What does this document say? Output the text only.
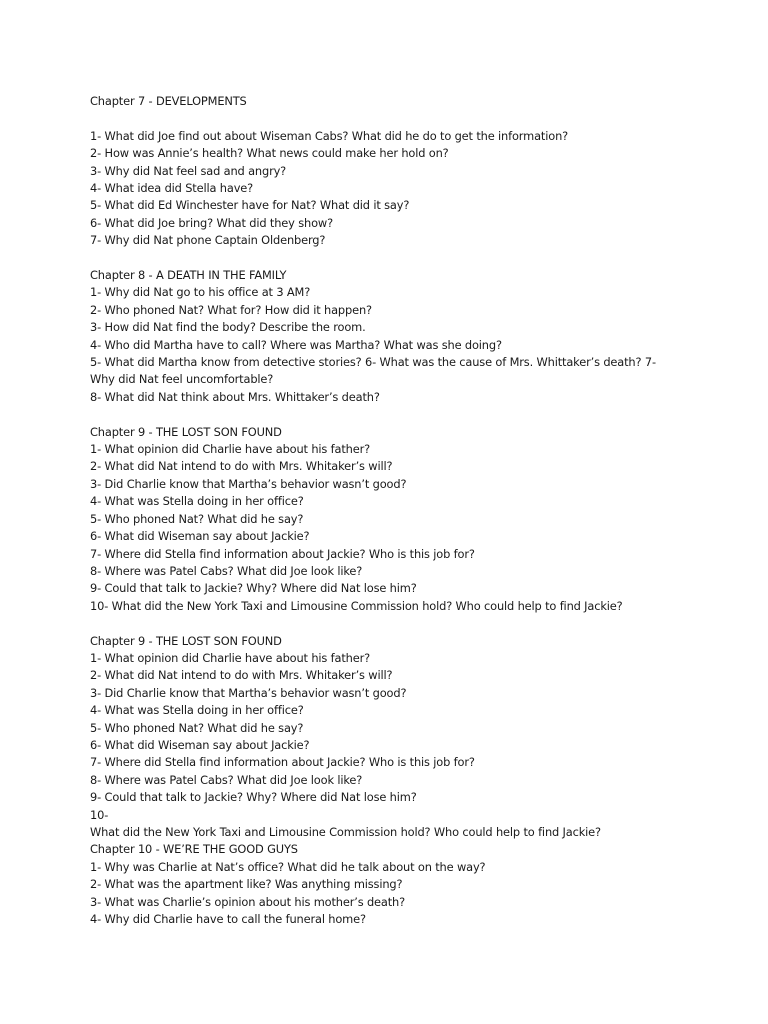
Chapter 7 - DEVELOPMENTS
1- What did Joe find out about Wiseman Cabs? What did he do to get the information?
2- How was Annie’s health? What news could make her hold on?
3- Why did Nat feel sad and angry?
4- What idea did Stella have?
5- What did Ed Winchester have for Nat? What did it say?
6- What did Joe bring? What did they show?
7- Why did Nat phone Captain Oldenberg?
Chapter 8 - A DEATH IN THE FAMILY
1- Why did Nat go to his office at 3 AM?
2- Who phoned Nat? What for? How did it happen?
3- How did Nat find the body? Describe the room.
4- Who did Martha have to call? Where was Martha? What was she doing?
5- What did Martha know from detective stories? 6- What was the cause of Mrs. Whittaker’s death? 7-
Why did Nat feel uncomfortable?
8- What did Nat think about Mrs. Whittaker’s death?
Chapter 9 - THE LOST SON FOUND
1- What opinion did Charlie have about his father?
2- What did Nat intend to do with Mrs. Whitaker’s will?
3- Did Charlie know that Martha’s behavior wasn’t good?
4- What was Stella doing in her office?
5- Who phoned Nat? What did he say?
6- What did Wiseman say about Jackie?
7- Where did Stella find information about Jackie? Who is this job for?
8- Where was Patel Cabs? What did Joe look like?
9- Could that talk to Jackie? Why? Where did Nat lose him?
10- What did the New York Taxi and Limousine Commission hold? Who could help to find Jackie?
Chapter 9 - THE LOST SON FOUND
1- What opinion did Charlie have about his father?
2- What did Nat intend to do with Mrs. Whitaker’s will?
3- Did Charlie know that Martha’s behavior wasn’t good?
4- What was Stella doing in her office?
5- Who phoned Nat? What did he say?
6- What did Wiseman say about Jackie?
7- Where did Stella find information about Jackie? Who is this job for?
8- Where was Patel Cabs? What did Joe look like?
9- Could that talk to Jackie? Why? Where did Nat lose him?
10-
What did the New York Taxi and Limousine Commission hold? Who could help to find Jackie?
Chapter 10 - WE’RE THE GOOD GUYS
1- Why was Charlie at Nat’s office? What did he talk about on the way?
2- What was the apartment like? Was anything missing?
3- What was Charlie’s opinion about his mother’s death?
4- Why did Charlie have to call the funeral home?
